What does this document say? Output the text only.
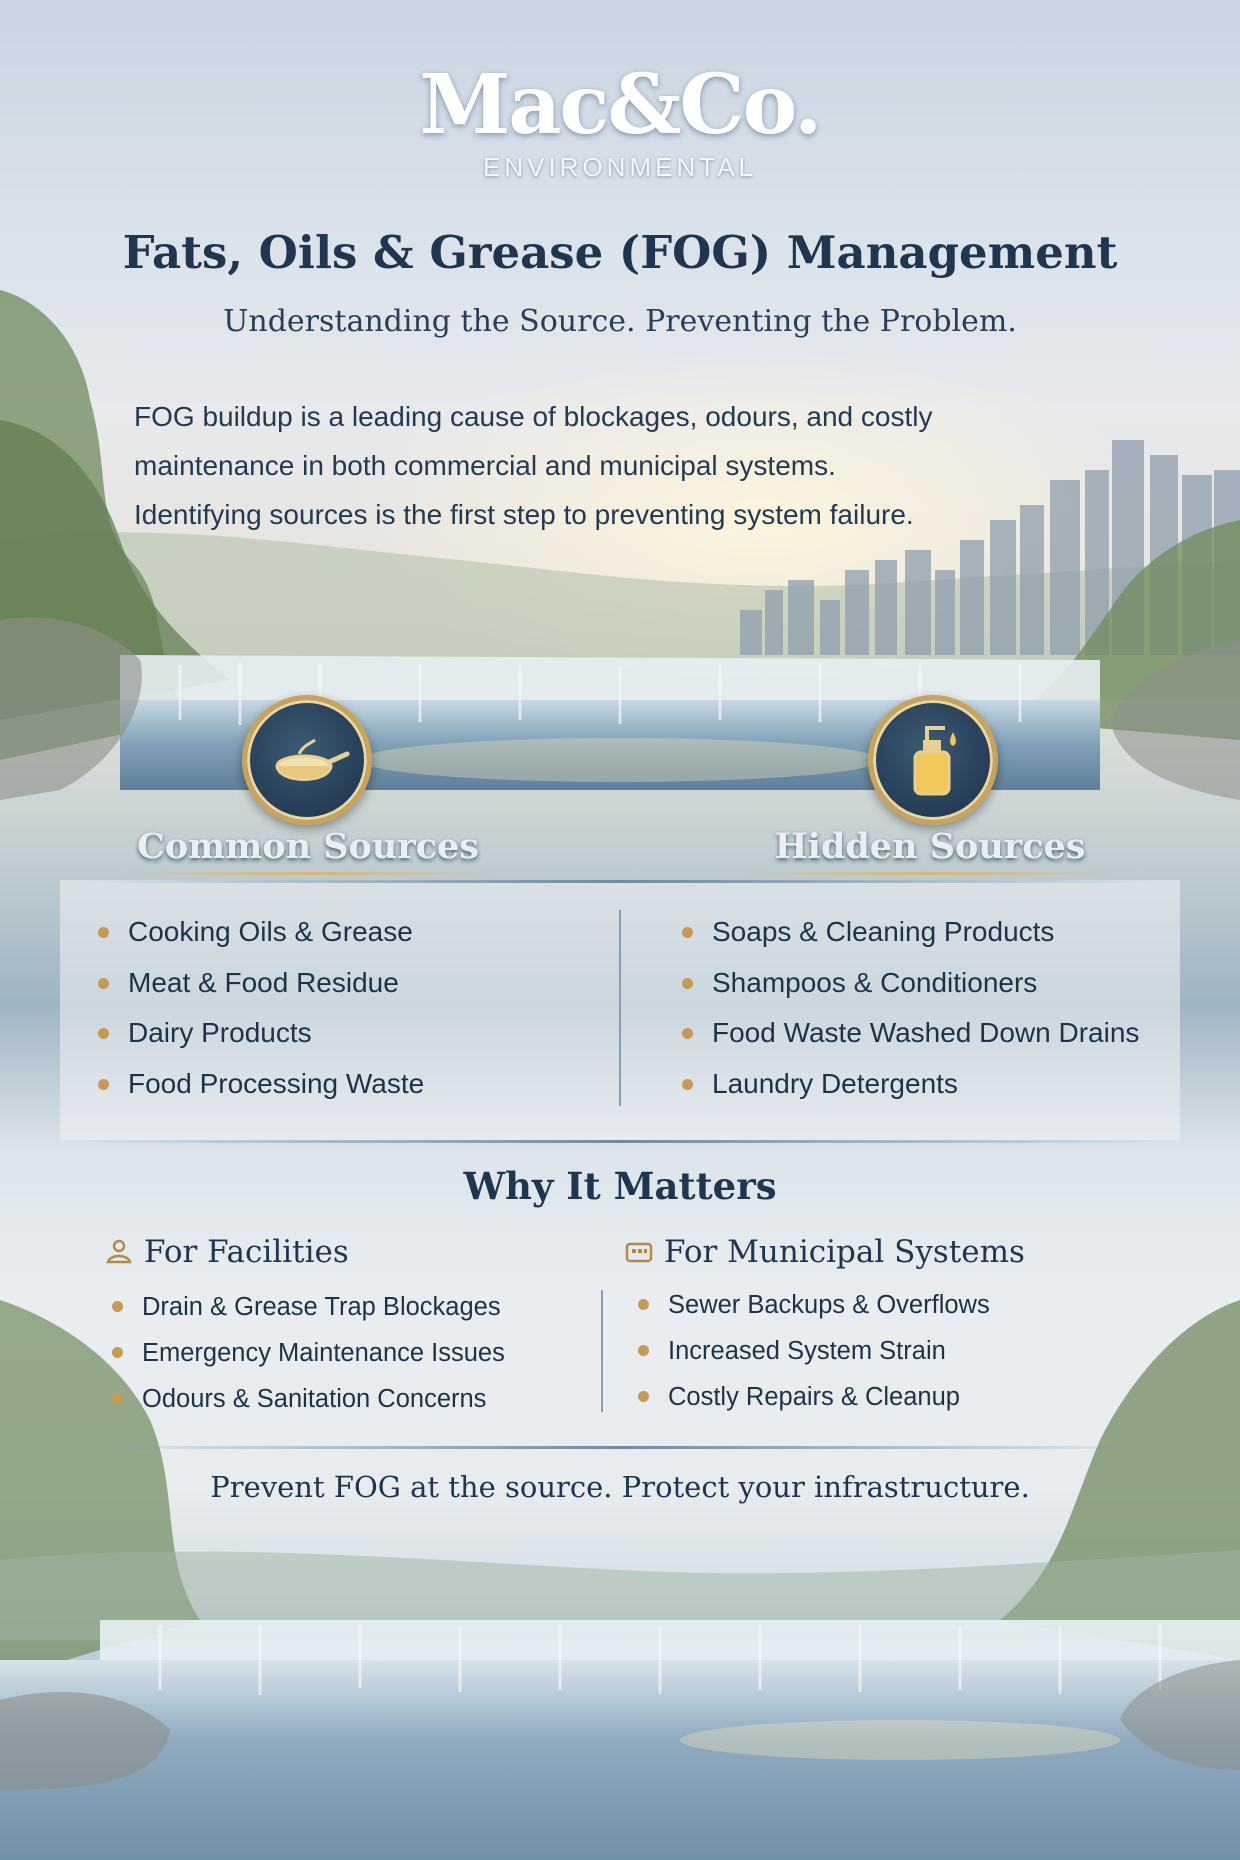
Mac&Co.
ENVIRONMENTAL
Fats, Oils & Grease (FOG) Management
Understanding the Source. Preventing the Problem.
FOG buildup is a leading cause of blockages, odours, and costly
maintenance in both commercial and municipal systems.
Identifying sources is the first step to preventing system failure.
Common Sources	Hidden Sources
Cooking Oils & Grease
Meat & Food Residue
Dairy Products
Food Processing Waste
Soaps & Cleaning Products
Shampoos & Conditioners
Food Waste Washed Down Drains
Laundry Detergents
Why It Matters
For Facilities	For Municipal Systems
Drain & Grease Trap Blockages
Emergency Maintenance Issues
Odours & Sanitation Concerns
Sewer Backups & Overflows
Increased System Strain
Costly Repairs & Cleanup
Prevent FOG at the source. Protect your infrastructure.
